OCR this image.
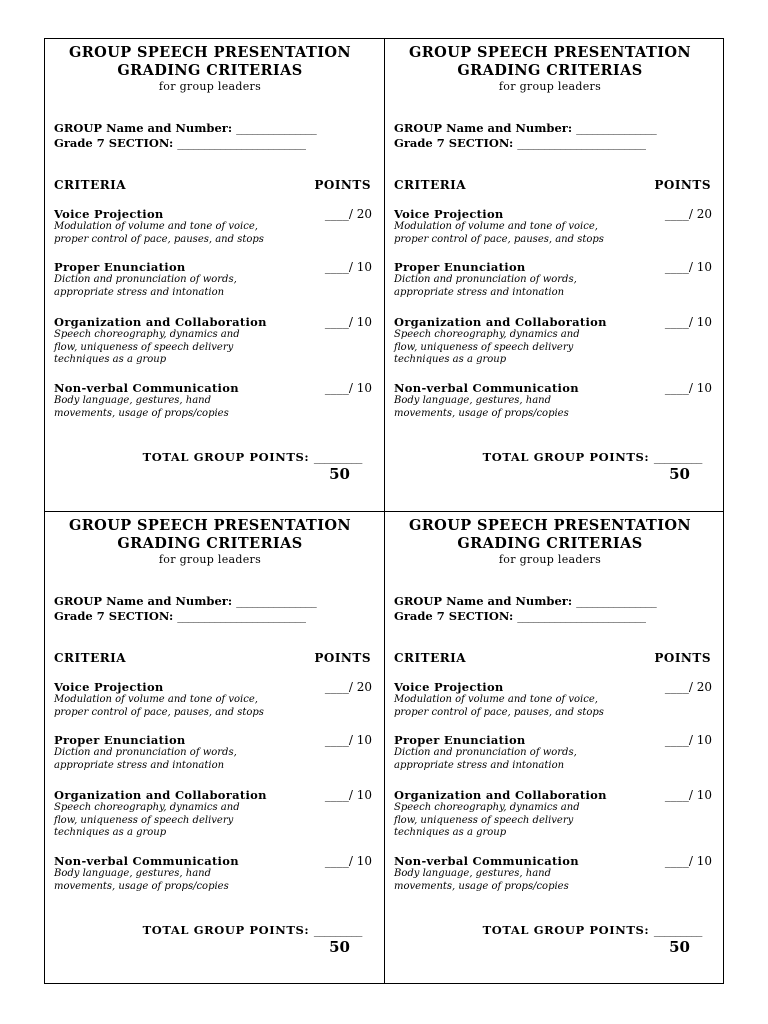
GROUP SPEECH PRESENTATION
GRADING CRITERIAS
for group leaders
GROUP Name and Number: _______________
Grade 7 SECTION: ________________________
CRITERIA	POINTS
Voice Projection
Modulation of volume and tone of voice,
proper control of pace, pauses, and stops
____/ 20
Proper Enunciation
Diction and pronunciation of words,
appropriate stress and intonation
____/ 10
Organization and Collaboration
Speech choreography, dynamics and
flow, uniqueness of speech delivery
techniques as a group
____/ 10
Non-verbal Communication
Body language, gestures, hand
movements, usage of props/copies
____/ 10
TOTAL GROUP POINTS: _________
50
GROUP SPEECH PRESENTATION
GRADING CRITERIAS
for group leaders
GROUP Name and Number: _______________
Grade 7 SECTION: ________________________
CRITERIA	POINTS
Voice Projection
Modulation of volume and tone of voice,
proper control of pace, pauses, and stops
____/ 20
Proper Enunciation
Diction and pronunciation of words,
appropriate stress and intonation
____/ 10
Organization and Collaboration
Speech choreography, dynamics and
flow, uniqueness of speech delivery
techniques as a group
____/ 10
Non-verbal Communication
Body language, gestures, hand
movements, usage of props/copies
____/ 10
TOTAL GROUP POINTS: _________
50
GROUP SPEECH PRESENTATION
GRADING CRITERIAS
for group leaders
GROUP Name and Number: _______________
Grade 7 SECTION: ________________________
CRITERIA	POINTS
Voice Projection
Modulation of volume and tone of voice,
proper control of pace, pauses, and stops
____/ 20
Proper Enunciation
Diction and pronunciation of words,
appropriate stress and intonation
____/ 10
Organization and Collaboration
Speech choreography, dynamics and
flow, uniqueness of speech delivery
techniques as a group
____/ 10
Non-verbal Communication
Body language, gestures, hand
movements, usage of props/copies
____/ 10
TOTAL GROUP POINTS: _________
50
GROUP SPEECH PRESENTATION
GRADING CRITERIAS
for group leaders
GROUP Name and Number: _______________
Grade 7 SECTION: ________________________
CRITERIA	POINTS
Voice Projection
Modulation of volume and tone of voice,
proper control of pace, pauses, and stops
____/ 20
Proper Enunciation
Diction and pronunciation of words,
appropriate stress and intonation
____/ 10
Organization and Collaboration
Speech choreography, dynamics and
flow, uniqueness of speech delivery
techniques as a group
____/ 10
Non-verbal Communication
Body language, gestures, hand
movements, usage of props/copies
____/ 10
TOTAL GROUP POINTS: _________
50
